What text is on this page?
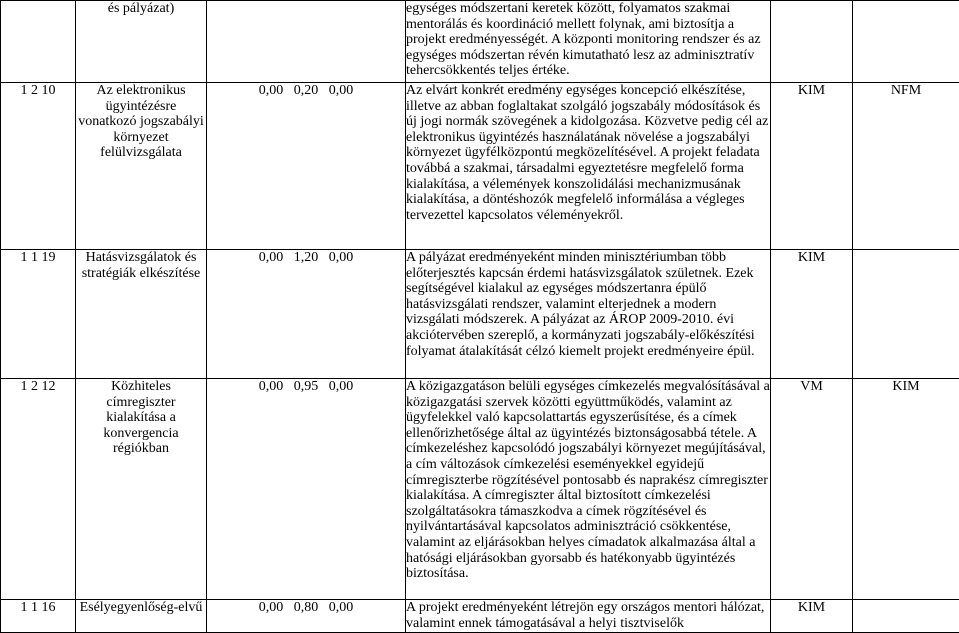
	és pályázat)		egységes módszertani keretek között, folyamatos szakmai mentorálás és koordináció mellett folynak, ami biztosítja a projekt eredményességét. A központi monitoring rendszer és az egységes módszertan révén kimutatható lesz az adminisztratív tehercsökkentés teljes értéke.		
1 2 10	Az elektronikus ügyintézésre vonatkozó jogszabályi környezet felülvizsgálata	0,00   0,20   0,00	Az elvárt konkrét eredmény egységes koncepció elkészítése, illetve az abban foglaltakat szolgáló jogszabály módosítások és új jogi normák szövegének a kidolgozása. Közvetve pedig cél az elektronikus ügyintézés használatának növelése a jogszabályi környezet ügyfélközpontú megközelítésével. A projekt feladata továbbá a szakmai, társadalmi egyeztetésre megfelelő forma kialakítása, a vélemények konszolidálási mechanizmusának kialakítása, a döntéshozók megfelelő informálása a végleges tervezettel kapcsolatos véleményekről.	KIM	NFM
1 1 19	Hatásvizsgálatok és stratégiák elkészítése	0,00   1,20   0,00	A pályázat eredményeként minden minisztériumban több előterjesztés kapcsán érdemi hatásvizsgálatok születnek. Ezek segítségével kialakul az egységes módszertanra épülő hatásvizsgálati rendszer, valamint elterjednek a modern vizsgálati módszerek. A pályázat az ÁROP 2009-2010. évi akciótervében szereplő, a kormányzati jogszabály-előkészítési folyamat átalakítását célzó kiemelt projekt eredményeire épül.	KIM	
1 2 12	Közhiteles címregiszter kialakítása a konvergencia régiókban	0,00   0,95   0,00	A közigazgatáson belüli egységes címkezelés megvalósításával a közigazgatási szervek közötti együttműködés, valamint az ügyfelekkel való kapcsolattartás egyszerűsítése, és a címek ellenőrizhetősége által az ügyintézés biztonságosabbá tétele. A címkezeléshez kapcsolódó jogszabályi környezet megújításával, a cím változások címkezelési eseményekkel egyidejű címregiszterbe rögzítésével pontosabb és naprakész címregiszter kialakítása. A címregiszter által biztosított címkezelési szolgáltatásokra támaszkodva a címek rögzítésével és nyilvántartásával kapcsolatos adminisztráció csökkentése, valamint az eljárásokban helyes címadatok alkalmazása által a hatósági eljárásokban gyorsabb és hatékonyabb ügyintézés biztosítása.	VM	KIM
1 1 16	Esélyegyenlőség-elvű	0,00   0,80   0,00	A projekt eredményeként létrejön egy országos mentori hálózat, valamint ennek támogatásával a helyi tisztviselők	KIM	
